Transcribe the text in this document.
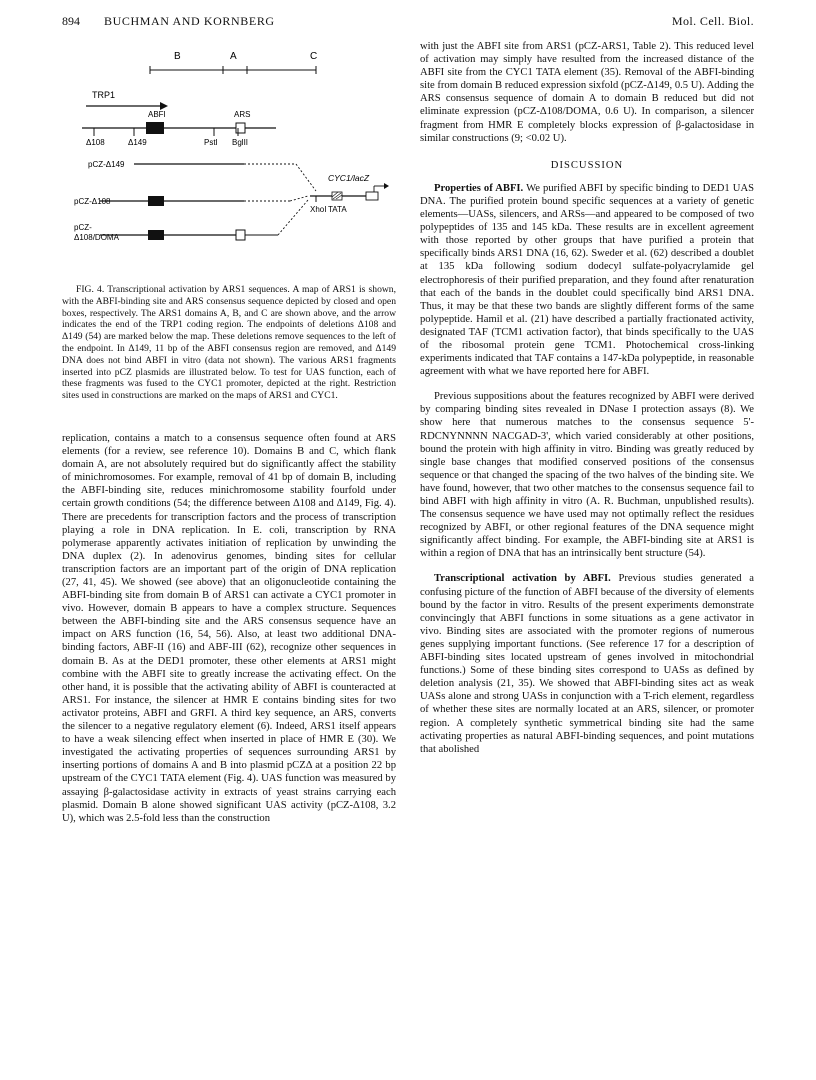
894 BUCHMAN AND KORNBERG	Mol. Cell. Biol.
B	A	C
TRP1
ABFI	ARS
Δ108	Δ149	PstI BglII
pCZ-Δ149
pCZ-Δ108
pCZ-
Δ108/DOMA
CYC1/lacZ
XhoI TATA
FIG. 4. Transcriptional activation by ARS1 sequences. A map of ARS1 is shown, with the ABFI-binding site and ARS consensus sequence depicted by closed and open boxes, respectively. The ARS1 domains A, B, and C are shown above, and the arrow indicates the end of the TRP1 coding region. The endpoints of deletions Δ108 and Δ149 (54) are marked below the map. These deletions remove sequences to the left of the endpoint. In Δ149, 11 bp of the ABFI consensus region are removed, and Δ149 DNA does not bind ABFI in vitro (data not shown). The various ARS1 fragments inserted into pCZ plasmids are illustrated below. To test for UAS function, each of these fragments was fused to the CYC1 promoter, depicted at the right. Restriction sites used in constructions are marked on the maps of ARS1 and CYC1.

replication, contains a match to a consensus sequence often found at ARS elements (for a review, see reference 10). Domains B and C, which flank domain A, are not absolutely required but do significantly affect the stability of minichromosomes. For example, removal of 41 bp of domain B, including the ABFI-binding site, reduces minichromosome stability fourfold under certain growth conditions (54; the difference between Δ108 and Δ149, Fig. 4). There are precedents for transcription factors and the process of transcription playing a role in DNA replication. In E. coli, transcription by RNA polymerase apparently activates initiation of replication by unwinding the DNA duplex (2). In adenovirus genomes, binding sites for cellular transcription factors are an important part of the origin of DNA replication (27, 41, 45). We showed (see above) that an oligonucleotide containing the ABFI-binding site from domain B of ARS1 can activate a CYC1 promoter in vivo. However, domain B appears to have a complex structure. Sequences between the ABFI-binding site and the ARS consensus sequence have an impact on ARS function (16, 54, 56). Also, at least two additional DNA-binding factors, ABF-II (16) and ABF-III (62), recognize other sequences in domain B. As at the DED1 promoter, these other elements at ARS1 might combine with the ABFI site to greatly increase the activating effect. On the other hand, it is possible that the activating ability of ABFI is counteracted at ARS1. For instance, the silencer at HMR E contains binding sites for two activator proteins, ABFI and GRFI. A third key sequence, an ARS, converts the silencer to a negative regulatory element (6). Indeed, ARS1 itself appears to have a weak silencing effect when inserted in place of HMR E (30). We investigated the activating properties of sequences surrounding ARS1 by inserting portions of domains A and B into plasmid pCZΔ at a position 22 bp upstream of the CYC1 TATA element (Fig. 4). UAS function was measured by assaying β-galactosidase activity in extracts of yeast strains carrying each plasmid. Domain B alone showed significant UAS activity (pCZ-Δ108, 3.2 U), which was 2.5-fold less than the construction

with just the ABFI site from ARS1 (pCZ-ARS1, Table 2). This reduced level of activation may simply have resulted from the increased distance of the ABFI site from the CYC1 TATA element (35). Removal of the ABFI-binding site from domain B reduced expression sixfold (pCZ-Δ149, 0.5 U). Adding the ARS consensus sequence of domain A to domain B reduced but did not eliminate expression (pCZ-Δ108/DOMA, 0.6 U). In comparison, a silencer fragment from HMR E completely blocks expression of β-galactosidase in similar constructions (9; <0.02 U).

DISCUSSION

Properties of ABFI. We purified ABFI by specific binding to DED1 UAS DNA. The purified protein bound specific sequences at a variety of genetic elements—UASs, silencers, and ARSs—and appeared to be composed of two polypeptides of 135 and 145 kDa. These results are in excellent agreement with those reported by other groups that have purified a protein that specifically binds ARS1 DNA (16, 62). Sweder et al. (62) described a doublet at 135 kDa following sodium dodecyl sulfate-polyacrylamide gel electrophoresis of their purified preparation, and they found after renaturation that each of the bands in the doublet could specifically bind ARS1 DNA. Thus, it may be that these two bands are slightly different forms of the same polypeptide. Hamil et al. (21) have described a partially fractionated activity, designated TAF (TCM1 activation factor), that binds specifically to the UAS of the ribosomal protein gene TCM1. Photochemical cross-linking experiments indicated that TAF contains a 147-kDa polypeptide, in reasonable agreement with what we have reported here for ABFI.

Previous suppositions about the features recognized by ABFI were derived by comparing binding sites revealed in DNase I protection assays (8). We show here that numerous matches to the consensus sequence 5'-RDCNYNNNN NACGAD-3', which varied considerably at other positions, bound the protein with high affinity in vitro. Binding was greatly reduced by single base changes that modified conserved positions of the consensus sequence or that changed the spacing of the two halves of the binding site. We have found, however, that two other matches to the consensus sequence fail to bind ABFI with high affinity in vitro (A. R. Buchman, unpublished results). The consensus sequence we have used may not optimally reflect the residues recognized by ABFI, or other regional features of the DNA sequence might significantly affect binding. For example, the ABFI-binding site at ARS1 is within a region of DNA that has an intrinsically bent structure (54).

Transcriptional activation by ABFI. Previous studies generated a confusing picture of the function of ABFI because of the diversity of elements bound by the factor in vitro. Results of the present experiments demonstrate convincingly that ABFI functions in some situations as a gene activator in vivo. Binding sites are associated with the promoter regions of numerous genes supplying important functions. (See reference 17 for a description of ABFI-binding sites located upstream of genes involved in mitochondrial functions.) Some of these binding sites correspond to UASs as defined by deletion analysis (21, 35). We showed that ABFI-binding sites act as weak UASs alone and strong UASs in conjunction with a T-rich element, regardless of whether these sites are normally located at an ARS, silencer, or promoter region. A completely synthetic symmetrical binding site had the same activating properties as natural ABFI-binding sequences, and point mutations that abolished
